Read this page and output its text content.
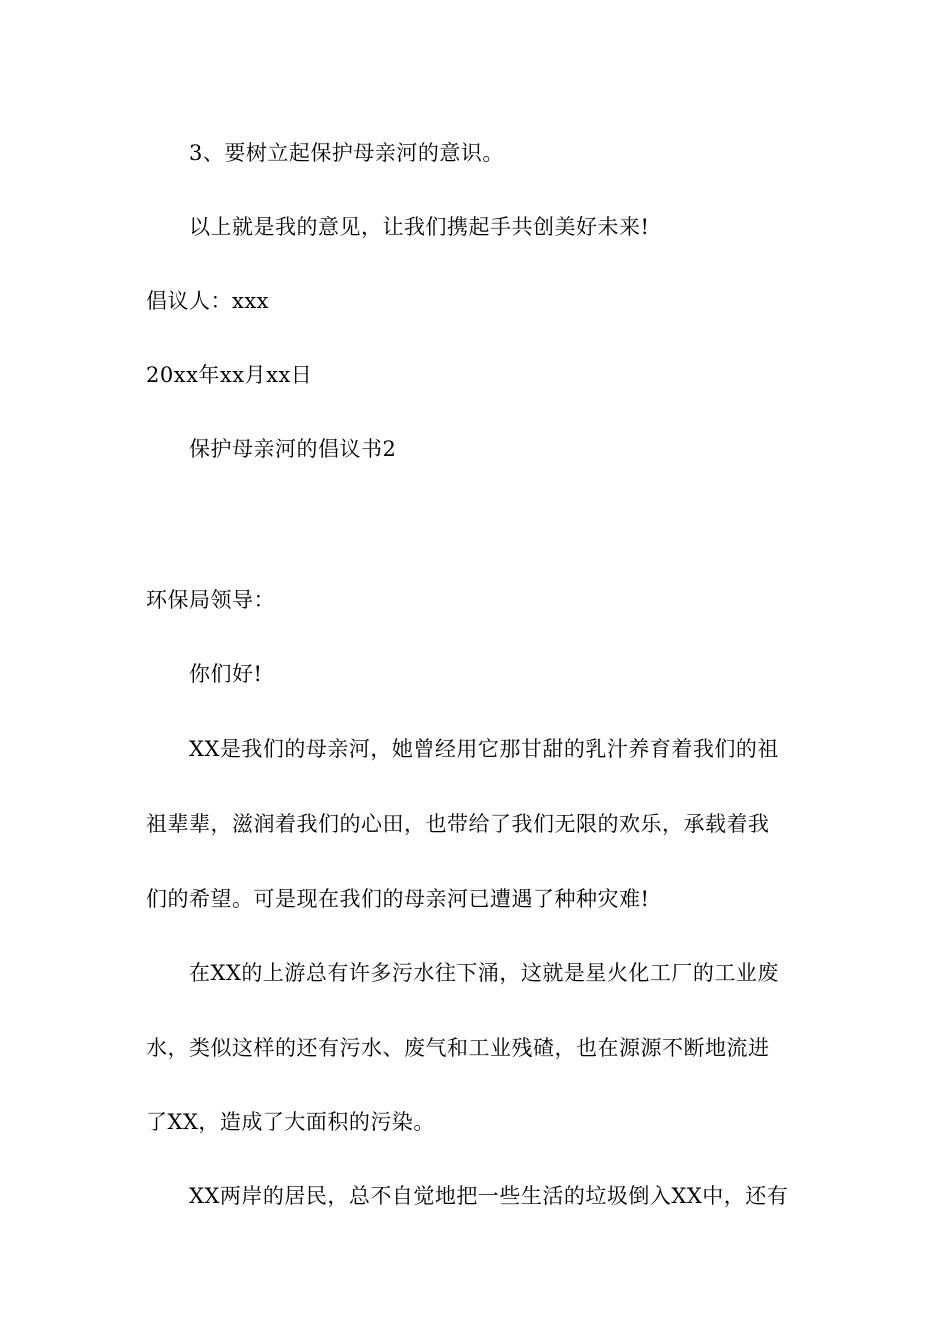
3、要树立起保护母亲河的意识。
以上就是我的意见，让我们携起手共创美好未来!
倡议人：xxx
20xx年xx月xx日
保护母亲河的倡议书2
环保局领导：
你们好!
XX是我们的母亲河，她曾经用它那甘甜的乳汁养育着我们的祖
祖辈辈，滋润着我们的心田，也带给了我们无限的欢乐，承载着我
们的希望。可是现在我们的母亲河已遭遇了种种灾难!
在XX的上游总有许多污水往下涌，这就是星火化工厂的工业废
水，类似这样的还有污水、废气和工业残碴，也在源源不断地流进
了XX，造成了大面积的污染。
XX两岸的居民，总不自觉地把一些生活的垃圾倒入XX中，还有
